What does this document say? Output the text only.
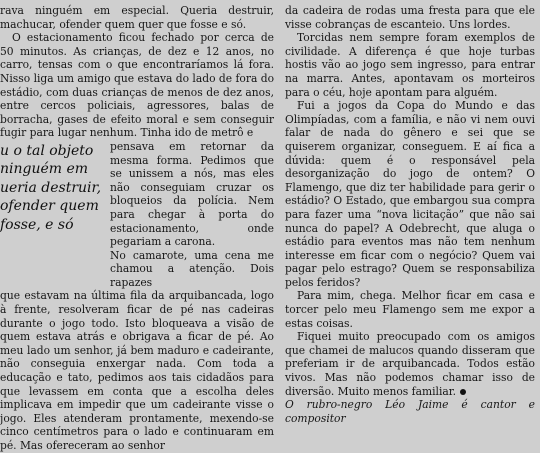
rava ninguém em especial. Queria destruir, machucar, ofender quem quer que fosse e só.

O estacionamento ficou fechado por cerca de 50 minutos. As crianças, de dez e 12 anos, no carro, tensas com o que encontraríamos lá fora. Nisso liga um amigo que estava do lado de fora do estádio, com duas crianças de menos de dez anos, entre cercos policiais, agressores, balas de borracha, gases de efeito moral e sem conseguir fugir para lugar nenhum. Tinha ido de metrô e

u o tal objeto
ninguém em
ueria destruir,
ofender quem
fosse, e só
pensava em retornar da mesma forma. Pedimos que se unissem a nós, mas eles não conseguiam cruzar os bloqueios da polícia. Nem para chegar à porta do estacionamento, onde pegariam a carona.
No camarote, uma cena me chamou a atenção. Dois rapazes

que estavam na última fila da arquibancada, logo à frente, resolveram ficar de pé nas cadeiras durante o jogo todo. Isto bloqueava a visão de quem estava atrás e obrigava a ficar de pé. Ao meu lado um senhor, já bem maduro e cadeirante, não conseguia enxergar nada. Com toda a educação e tato, pedimos aos tais cidadãos para que levassem em conta que a escolha deles implicava em impedir que um cadeirante visse o jogo. Eles atenderam prontamente, mexendo-se cinco centímetros para o lado e continuaram em pé. Mas ofereceram ao senhor

da cadeira de rodas uma fresta para que ele visse cobranças de escanteio. Uns lordes.

Torcidas nem sempre foram exemplos de civilidade. A diferença é que hoje turbas hostis vão ao jogo sem ingresso, para entrar na marra. Antes, apontavam os morteiros para o céu, hoje apontam para alguém.

Fui a jogos da Copa do Mundo e das Olimpíadas, com a família, e não vi nem ouvi falar de nada do gênero e sei que se quiserem organizar, conseguem. E aí fica a dúvida: quem é o responsável pela desorganização do jogo de ontem? O Flamengo, que diz ter habilidade para gerir o estádio? O Estado, que embargou sua compra para fazer uma “nova licitação” que não sai nunca do papel? A Odebrecht, que aluga o estádio para eventos mas não tem nenhum interesse em ficar com o negócio? Quem vai pagar pelo estrago? Quem se responsabiliza pelos feridos?

Para mim, chega. Melhor ficar em casa e torcer pelo meu Flamengo sem me expor a estas coisas.

Fiquei muito preocupado com os amigos que chamei de malucos quando disseram que preferiam ir de arquibancada. Todos estão vivos. Mas não podemos chamar isso de diversão. Muito menos familiar.

O rubro-negro Léo Jaime é cantor e compositor
